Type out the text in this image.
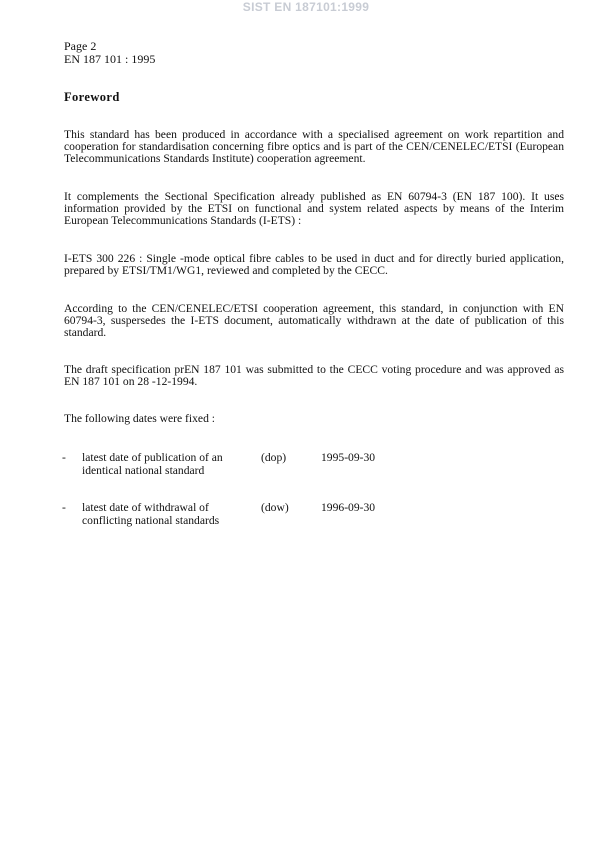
SIST EN 187101:1999
Page 2
EN 187 101 : 1995
Foreword
This standard has been produced in accordance with a specialised agreement on work repartition and cooperation for standardisation concerning fibre optics and is part of the CEN/CENELEC/ETSI (European Telecommunications Standards Institute) cooperation agreement.
It complements the Sectional Specification already published as EN 60794-3 (EN 187 100). It uses information provided by the ETSI on functional and system related aspects by means of the Interim European Telecommunications Standards (I-ETS) :
I-ETS 300 226 : Single -mode optical fibre cables to be used in duct and for directly buried application, prepared by ETSI/TM1/WG1, reviewed and completed by the CECC.
According to the CEN/CENELEC/ETSI cooperation agreement, this standard, in conjunction with EN 60794-3, suspersedes the I-ETS document, automatically withdrawn at the date of publication of this standard.
The draft specification prEN 187 101 was submitted to the CECC voting procedure and was approved as EN 187 101 on 28 -12-1994.
The following dates were fixed :
- latest date of publication of an identical national standard
(dop)	1995-09-30
- latest date of withdrawal of conflicting national standards
(dow)	1996-09-30
